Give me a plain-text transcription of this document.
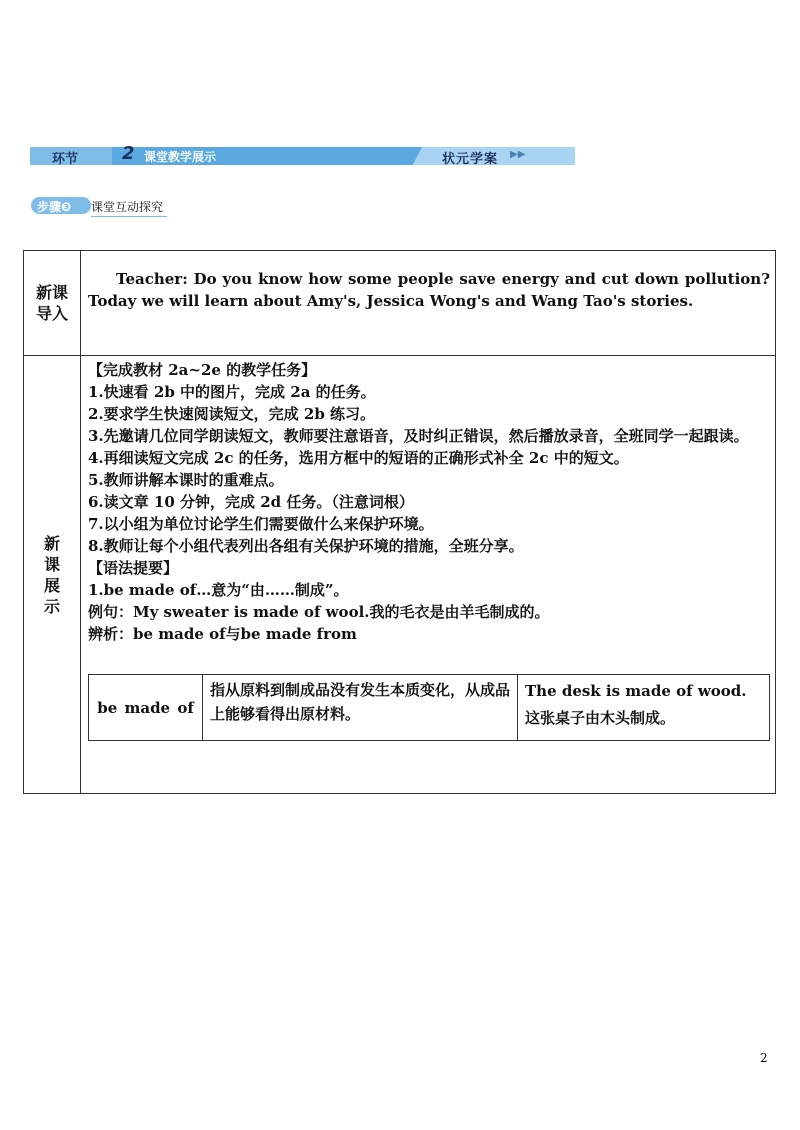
环节 2 课堂教学展示	状元学案 ▶▶
步骤❸ 课堂互动探究
新课
导入
Teacher: Do you know how some people save energy and cut down pollution? Today we will learn about Amy's, Jessica Wong's and Wang Tao's stories.
新
课
展
示

【完成教材 2a~2e 的教学任务】

1.快速看 2b 中的图片，完成 2a 的任务。

2.要求学生快速阅读短文，完成 2b 练习。

3.先邀请几位同学朗读短文，教师要注意语音，及时纠正错误，然后播放录音，全班同学一起跟读。

4.再细读短文完成 2c 的任务，选用方框中的短语的正确形式补全 2c 中的短文。

5.教师讲解本课时的重难点。

6.读文章 10 分钟，完成 2d 任务。（注意词根）

7.以小组为单位讨论学生们需要做什么来保护环境。

8.教师让每个小组代表列出各组有关保护环境的措施，全班分享。

【语法提要】

1.be made of…意为“由……制成”。

例句：My sweater is made of wool.我的毛衣是由羊毛制成的。

辨析：be made of与be made from

be made of
指从原料到制成品没有发生本质变化，从成品上能够看得出原材料。

The desk is made of wood.

这张桌子由木头制成。

2
